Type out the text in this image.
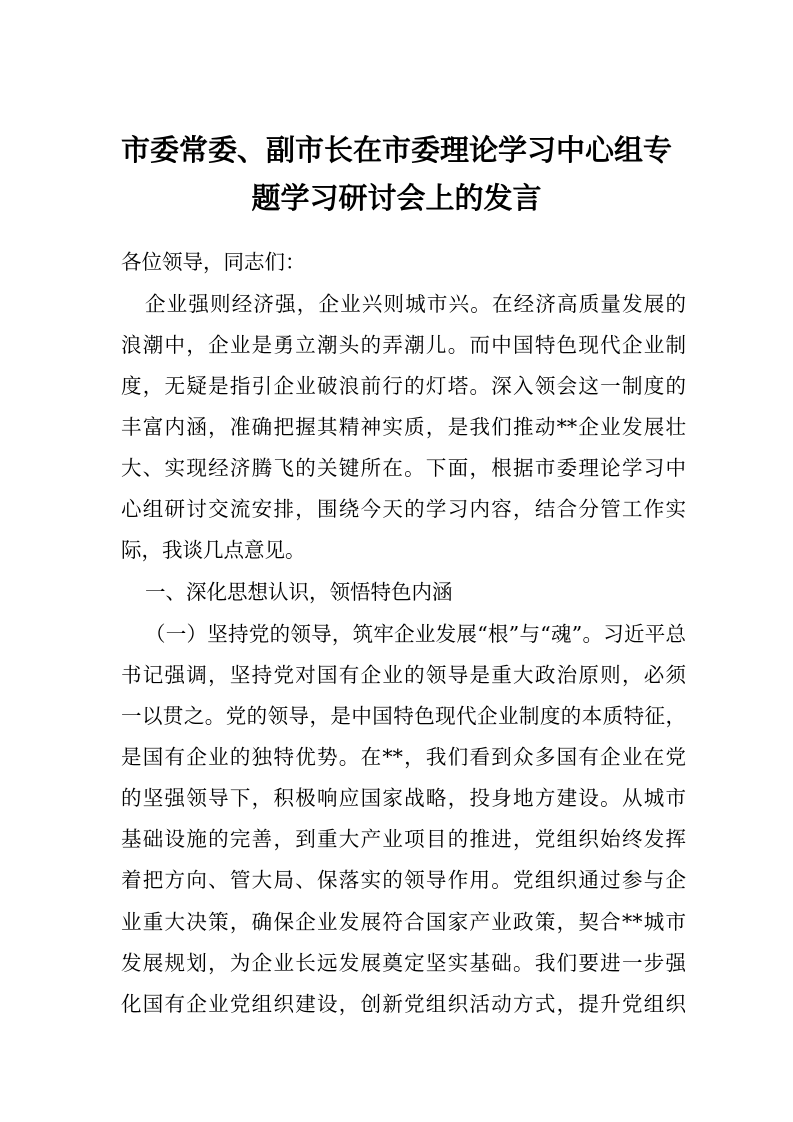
市委常委、副市长在市委理论学习中心组专
题学习研讨会上的发言

各位领导，同志们：

企业强则经济强，企业兴则城市兴。在经济高质量发展的

浪潮中，企业是勇立潮头的弄潮儿。而中国特色现代企业制

度，无疑是指引企业破浪前行的灯塔。深入领会这一制度的

丰富内涵，准确把握其精神实质，是我们推动**企业发展壮

大、实现经济腾飞的关键所在。下面，根据市委理论学习中

心组研讨交流安排，围绕今天的学习内容，结合分管工作实

际，我谈几点意见。

一、深化思想认识，领悟特色内涵

（一）坚持党的领导，筑牢企业发展“根”与“魂”。习近平总

书记强调，坚持党对国有企业的领导是重大政治原则，必须

一以贯之。党的领导，是中国特色现代企业制度的本质特征，

是国有企业的独特优势。在**，我们看到众多国有企业在党

的坚强领导下，积极响应国家战略，投身地方建设。从城市

基础设施的完善，到重大产业项目的推进，党组织始终发挥

着把方向、管大局、保落实的领导作用。党组织通过参与企

业重大决策，确保企业发展符合国家产业政策，契合**城市

发展规划，为企业长远发展奠定坚实基础。我们要进一步强

化国有企业党组织建设，创新党组织活动方式，提升党组织
